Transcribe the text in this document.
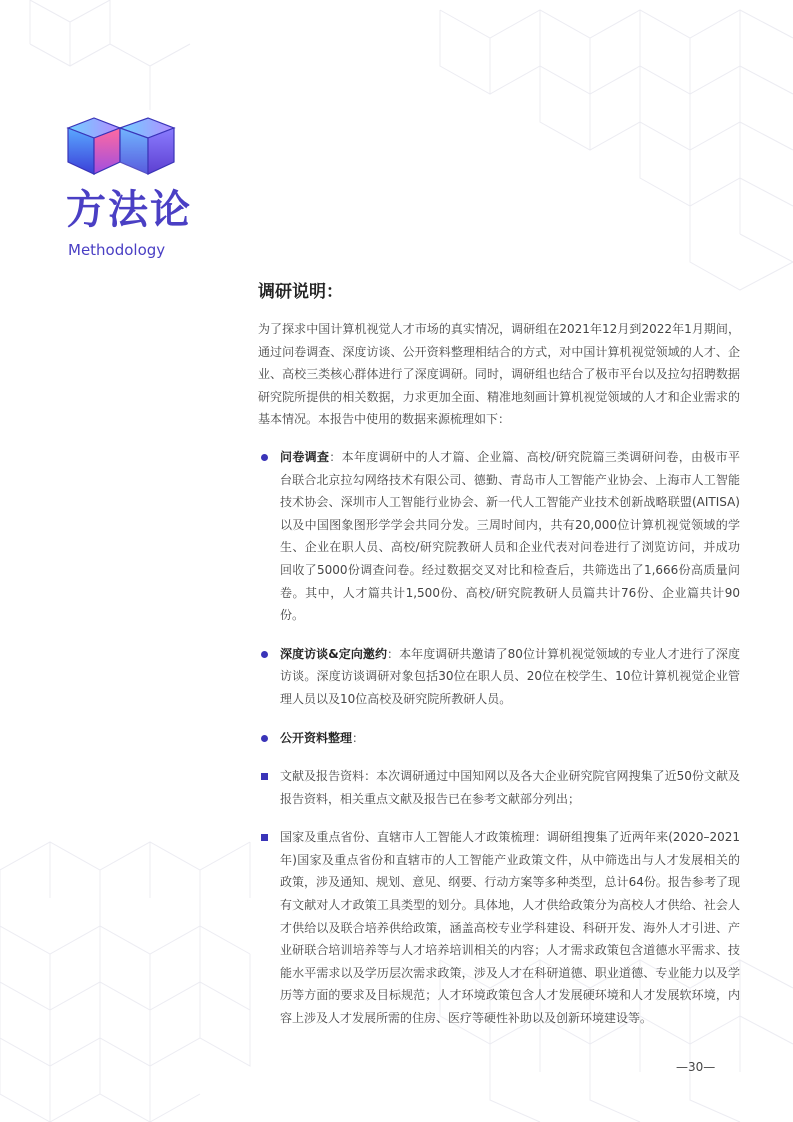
方法论

Methodology

调研说明：

为了探求中国计算机视觉人才市场的真实情况，调研组在2021年12月到2022年1月期间，通过问卷调查、深度访谈、公开资料整理相结合的方式，对中国计算机视觉领域的人才、企业、高校三类核心群体进行了深度调研。同时，调研组也结合了极市平台以及拉勾招聘数据研究院所提供的相关数据，力求更加全面、精准地刻画计算机视觉领域的人才和企业需求的基本情况。本报告中使用的数据来源梳理如下：

问卷调查：本年度调研中的人才篇、企业篇、高校/研究院篇三类调研问卷，由极市平台联合北京拉勾网络技术有限公司、德勤、青岛市人工智能产业协会、上海市人工智能技术协会、深圳市人工智能行业协会、新一代人工智能产业技术创新战略联盟(AITISA)以及中国图象图形学学会共同分发。三周时间内，共有20,000位计算机视觉领域的学生、企业在职人员、高校/研究院教研人员和企业代表对问卷进行了浏览访问，并成功回收了5000份调查问卷。经过数据交叉对比和检查后，共筛选出了1,666份高质量问卷。其中，人才篇共计1,500份、高校/研究院教研人员篇共计76份、企业篇共计90份。
深度访谈&定向邀约：本年度调研共邀请了80位计算机视觉领域的专业人才进行了深度访谈。深度访谈调研对象包括30位在职人员、20位在校学生、10位计算机视觉企业管理人员以及10位高校及研究院所教研人员。
公开资料整理：
文献及报告资料：本次调研通过中国知网以及各大企业研究院官网搜集了近50份文献及报告资料，相关重点文献及报告已在参考文献部分列出；
国家及重点省份、直辖市人工智能人才政策梳理：调研组搜集了近两年来(2020–2021年)国家及重点省份和直辖市的人工智能产业政策文件，从中筛选出与人才发展相关的政策，涉及通知、规划、意见、纲要、行动方案等多种类型，总计64份。报告参考了现有文献对人才政策工具类型的划分。具体地，人才供给政策分为高校人才供给、社会人才供给以及联合培养供给政策，涵盖高校专业学科建设、科研开发、海外人才引进、产业研联合培训培养等与人才培养培训相关的内容；人才需求政策包含道德水平需求、技能水平需求以及学历层次需求政策，涉及人才在科研道德、职业道德、专业能力以及学历等方面的要求及目标规范；人才环境政策包含人才发展硬环境和人才发展软环境，内容上涉及人才发展所需的住房、医疗等硬性补助以及创新环境建设等。
—30—
